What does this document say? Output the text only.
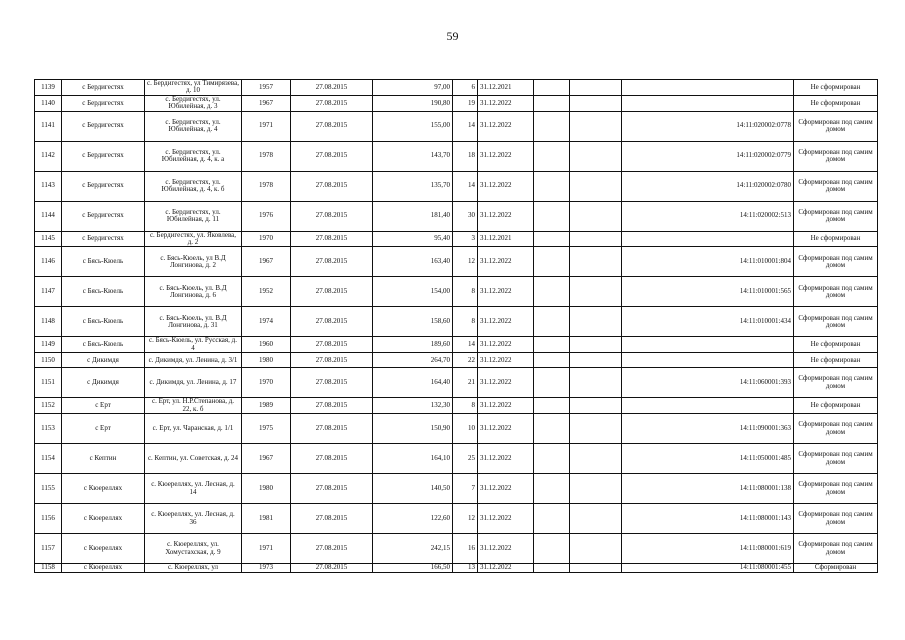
59
1139	с Бердигестях	с. Бердигестях, ул Тимирязева, д. 10	1957	27.08.2015	97,00	6	31.12.2021				Не сформирован
1140	с Бердигестях	с. Бердигестях, ул. Юбилейная, д. 3	1967	27.08.2015	190,80	19	31.12.2022				Не сформирован
1141	с Бердигестях	с. Бердигестях, ул. Юбилейная, д. 4	1971	27.08.2015	155,00	14	31.12.2022			14:11:020002:0778	Сформирован под сaмим домом
1142	с Бердигестях	с. Бердигестях, ул. Юбилейная, д. 4, к. а	1978	27.08.2015	143,70	18	31.12.2022			14:11:020002:0779	Сформирован под сaмим домом
1143	с Бердигестях	с. Бердигестях, ул. Юбилейная, д. 4, к. б	1978	27.08.2015	135,70	14	31.12.2022			14:11:020002:0780	Сформирован под сaмим домом
1144	с Бердигестях	с. Бердигестях, ул. Юбилейная, д. 11	1976	27.08.2015	181,40	30	31.12.2022			14:11:020002:513	Сформирован под сaмим домом
1145	с Бердигестях	с. Бердигестях, ул. Яковлева, д. 2	1970	27.08.2015	95,40	3	31.12.2021				Не сформирован
1146	с Бясь-Кюель	с. Бясь-Кюель, ул В.Д Лонгинова, д. 2	1967	27.08.2015	163,40	12	31.12.2022			14:11:010001:804	Сформирован под сaмим домом
1147	с Бясь-Кюель	с. Бясь-Кюель, ул. В.Д Лонгинова, д. 6	1952	27.08.2015	154,00	8	31.12.2022			14:11:010001:565	Сформирован под сaмим домом
1148	с Бясь-Кюель	с. Бясь-Кюель, ул. В.Д Лонгинова, д. 31	1974	27.08.2015	158,60	8	31.12.2022			14:11:010001:434	Сформирован под сaмим домом
1149	с Бясь-Кюель	с. Бясь-Кюель, ул. Русская, д. 4	1960	27.08.2015	189,60	14	31.12.2022				Не сформирован
1150	с Дикимдя	с. Дикимдя, ул. Ленина, д. 3/1	1980	27.08.2015	264,70	22	31.12.2022				Не сформирован
1151	с Дикимдя	с. Дикимдя, ул. Ленина, д. 17	1970	27.08.2015	164,40	21	31.12.2022			14:11:060001:393	Сформирован под сaмим домом
1152	с Ерт	с. Ерт, ул. Н.Р.Степанова, д. 22, к. б	1989	27.08.2015	132,30	8	31.12.2022				Не сформирован
1153	с Ерт	с. Ерт, ул. Чаранская, д. 1/1	1975	27.08.2015	150,90	10	31.12.2022			14:11:090001:363	Сформирован под сaмим домом
1154	с Кептин	с. Кептин, ул. Советская, д. 24	1967	27.08.2015	164,10	25	31.12.2022			14:11:050001:485	Сформирован под сaмим домом
1155	с Кюереллях	с. Кюереллях, ул. Лесная, д. 14	1980	27.08.2015	140,50	7	31.12.2022			14:11:080001:138	Сформирован под сaмим домом
1156	с Кюереллях	с. Кюереллях, ул. Лесная, д. 36	1981	27.08.2015	122,60	12	31.12.2022			14:11:080001:143	Сформирован под сaмим домом
1157	с Кюереллях	с. Кюереллях, ул. Хомустахская, д. 9	1971	27.08.2015	242,15	16	31.12.2022			14:11:080001:619	Сформирован под сaмим домом
1158	с Кюереллях	с. Кюереллях, ул	1973	27.08.2015	166,50	13	31.12.2022			14:11:080001:455	Сформирован
